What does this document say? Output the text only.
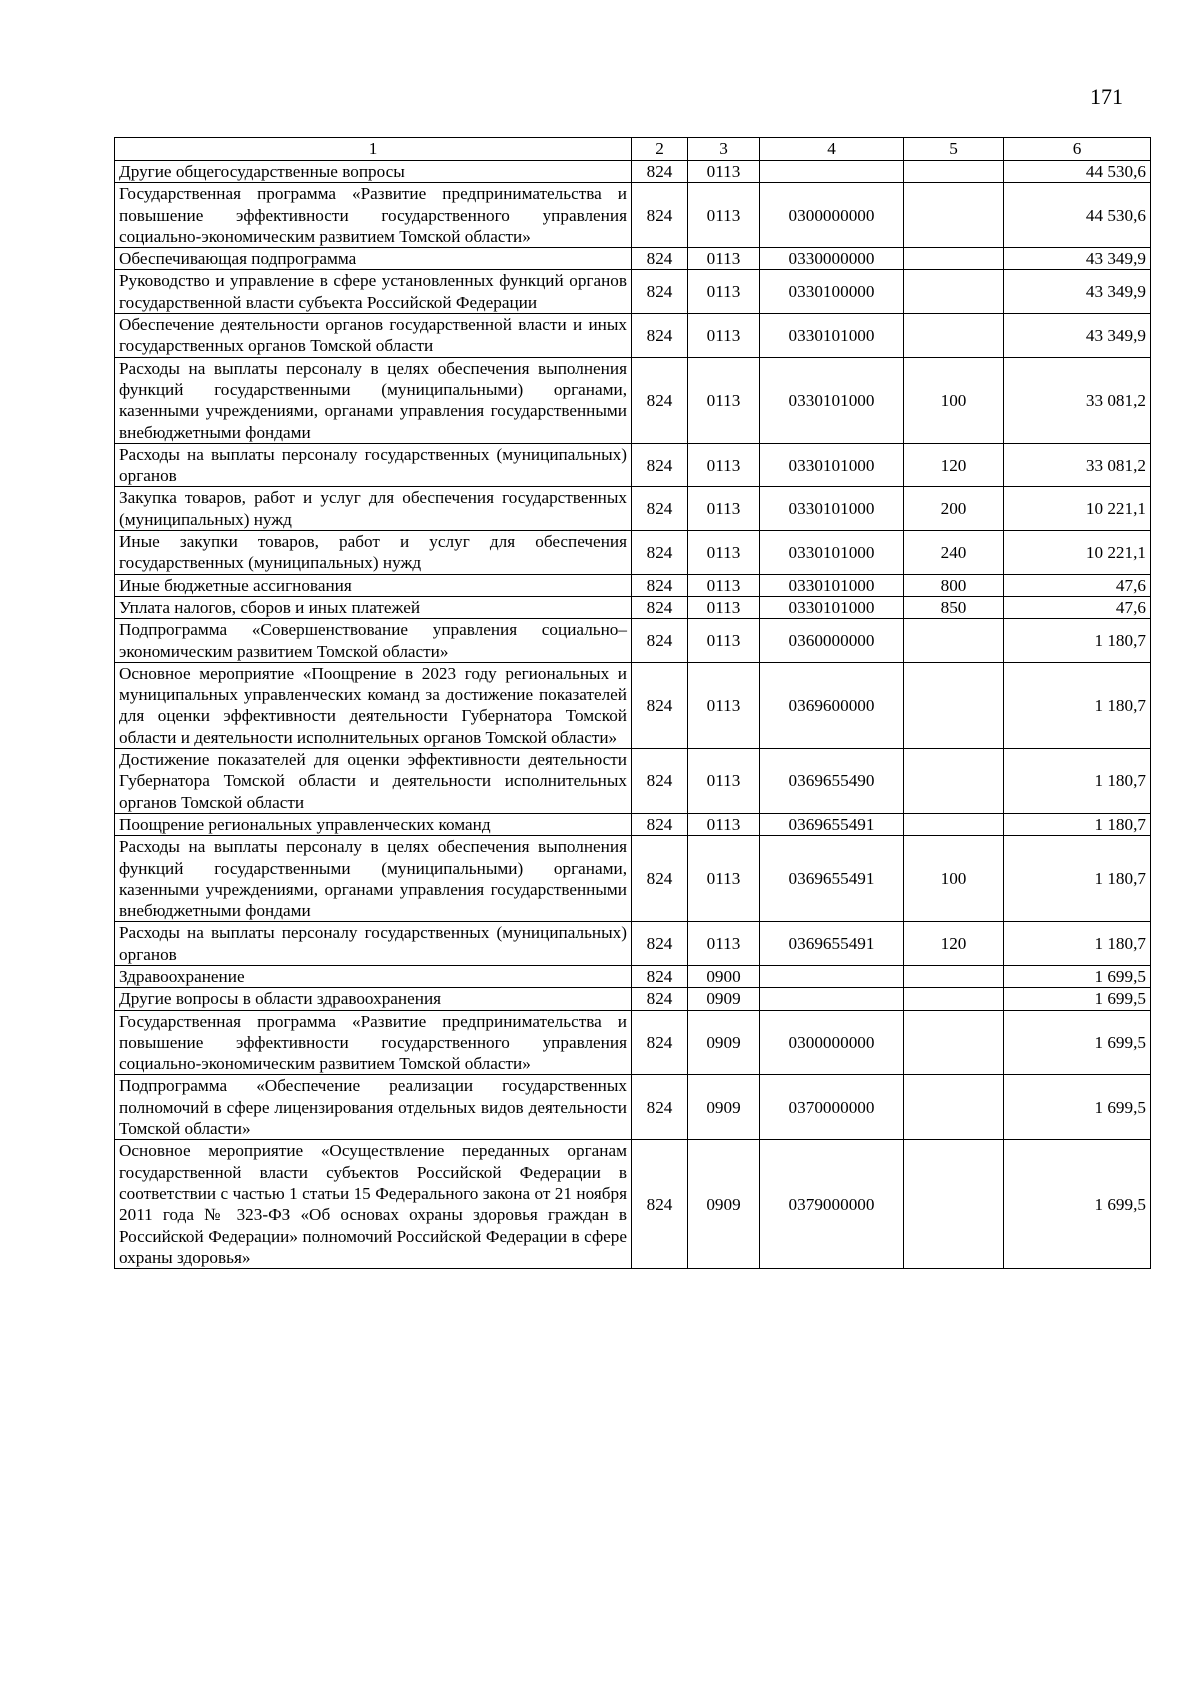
171
1	2	3	4	5	6
Другие общегосударственные вопросы	824	0113			44 530,6
Государственная программа «Развитие предпринимательства и повышение эффективности государственного управления социально-экономическим развитием Томской области»	824	0113	0300000000		44 530,6
Обеспечивающая подпрограмма	824	0113	0330000000		43 349,9
Руководство и управление в сфере установленных функций органов государственной власти субъекта Российской Федерации	824	0113	0330100000		43 349,9
Обеспечение деятельности органов государственной власти и иных государственных органов Томской области	824	0113	0330101000		43 349,9
Расходы на выплаты персоналу в целях обеспечения выполнения функций государственными (муниципальными) органами, казенными учреждениями, органами управления государственными внебюджетными фондами	824	0113	0330101000	100	33 081,2
Расходы на выплаты персоналу государственных (муниципальных) органов	824	0113	0330101000	120	33 081,2
Закупка товаров, работ и услуг для обеспечения государственных (муниципальных) нужд	824	0113	0330101000	200	10 221,1
Иные закупки товаров, работ и услуг для обеспечения государственных (муниципальных) нужд	824	0113	0330101000	240	10 221,1
Иные бюджетные ассигнования	824	0113	0330101000	800	47,6
Уплата налогов, сборов и иных платежей	824	0113	0330101000	850	47,6
Подпрограмма «Совершенствование управления социально–экономическим развитием Томской области»	824	0113	0360000000		1 180,7
Основное мероприятие «Поощрение в 2023 году региональных и муниципальных управленческих команд за достижение показателей для оценки эффективности деятельности Губернатора Томской области и деятельности исполнительных органов Томской области»	824	0113	0369600000		1 180,7
Достижение показателей для оценки эффективности деятельности Губернатора Томской области и деятельности исполнительных органов Томской области	824	0113	0369655490		1 180,7
Поощрение региональных управленческих команд	824	0113	0369655491		1 180,7
Расходы на выплаты персоналу в целях обеспечения выполнения функций государственными (муниципальными) органами, казенными учреждениями, органами управления государственными внебюджетными фондами	824	0113	0369655491	100	1 180,7
Расходы на выплаты персоналу государственных (муниципальных) органов	824	0113	0369655491	120	1 180,7
Здравоохранение	824	0900			1 699,5
Другие вопросы в области здравоохранения	824	0909			1 699,5
Государственная программа «Развитие предпринимательства и повышение эффективности государственного управления социально-экономическим развитием Томской области»	824	0909	0300000000		1 699,5
Подпрограмма «Обеспечение реализации государственных полномочий в сфере лицензирования отдельных видов деятельности Томской области»	824	0909	0370000000		1 699,5
Основное мероприятие «Осуществление переданных органам государственной власти субъектов Российской Федерации в соответствии с частью 1 статьи 15 Федерального закона от 21 ноября 2011 года № 323-ФЗ «Об основах охраны здоровья граждан в Российской Федерации» полномочий Российской Федерации в сфере охраны здоровья»	824	0909	0379000000		1 699,5
